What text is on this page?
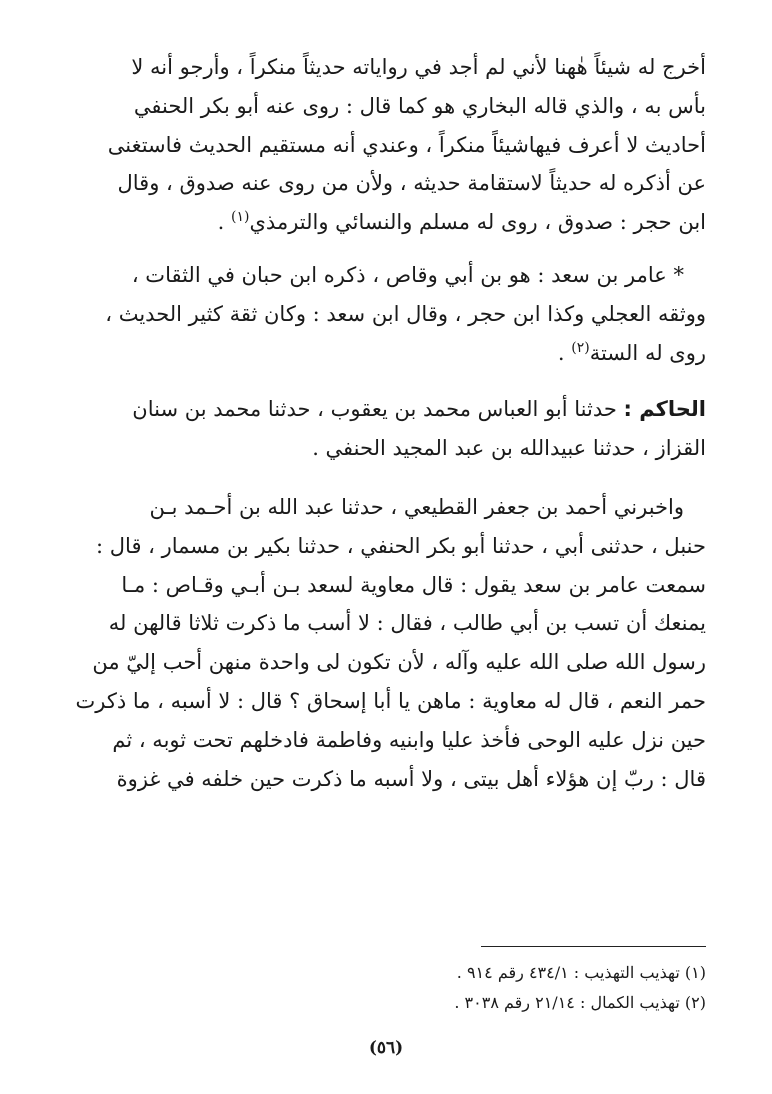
أخرج له شيئاً هٰهنا لأني لم أجد في رواياته حديثاً منكراً ، وأرجو أنه لا
بأس به ، والذي قاله البخاري هو كما قال : روى عنه أبو بكر الحنفي
أحاديث لا أعرف فيهاشيئاً منكراً ، وعندي أنه مستقيم الحديث فاستغنى
عن أذكره له حديثاً لاستقامة حديثه ، ولأن من روى عنه صدوق ، وقال
ابن حجر : صدوق ، روى له مسلم والنسائي والترمذي$^{(١)}$ .

* عامر بن سعد : هو بن أبي وقاص ، ذكره ابن حبان في الثقات ،
ووثقه العجلي وكذا ابن حجر ، وقال ابن سعد : وكان ثقة كثير الحديث ،
روى له الستة$^{(٢)}$ .

الحاكم : حدثنا أبو العباس محمد بن يعقوب ، حدثنا محمد بن سنان
القزاز ، حدثنا عبيدالله بن عبد المجيد الحنفي .

واخبرني أحمد بن جعفر القطيعي ، حدثنا عبد الله بن أحـمد بـن
حنبل ، حدثنى أبي ، حدثنا أبو بكر الحنفي ، حدثنا بكير بن مسمار ، قال :
سمعت عامر بن سعد يقول : قال معاوية لسعد بـن أبـي وقـاص : مـا
يمنعك أن تسب بن أبي طالب ، فقال : لا أسب ما ذكرت ثلاثا قالهن له
رسول الله صلى الله عليه وآله ، لأن تكون لى واحدة منهن أحب إليّ من
حمر النعم ، قال له معاوية : ماهن يا أبا إسحاق ؟ قال : لا أسبه ، ما ذكرت
حين نزل عليه الوحى فأخذ عليا وابنيه وفاطمة فادخلهم تحت ثوبه ، ثم
قال : ربّ إن هؤلاء أهل بيتى ، ولا أسبه ما ذكرت حين خلفه في غزوة

(١) تهذيب التهذيب : ٤٣٤/١ رقم ٩١٤ .
(٢) تهذيب الكمال : ٢١/١٤ رقم ٣٠٣٨ .
(٥٦)
